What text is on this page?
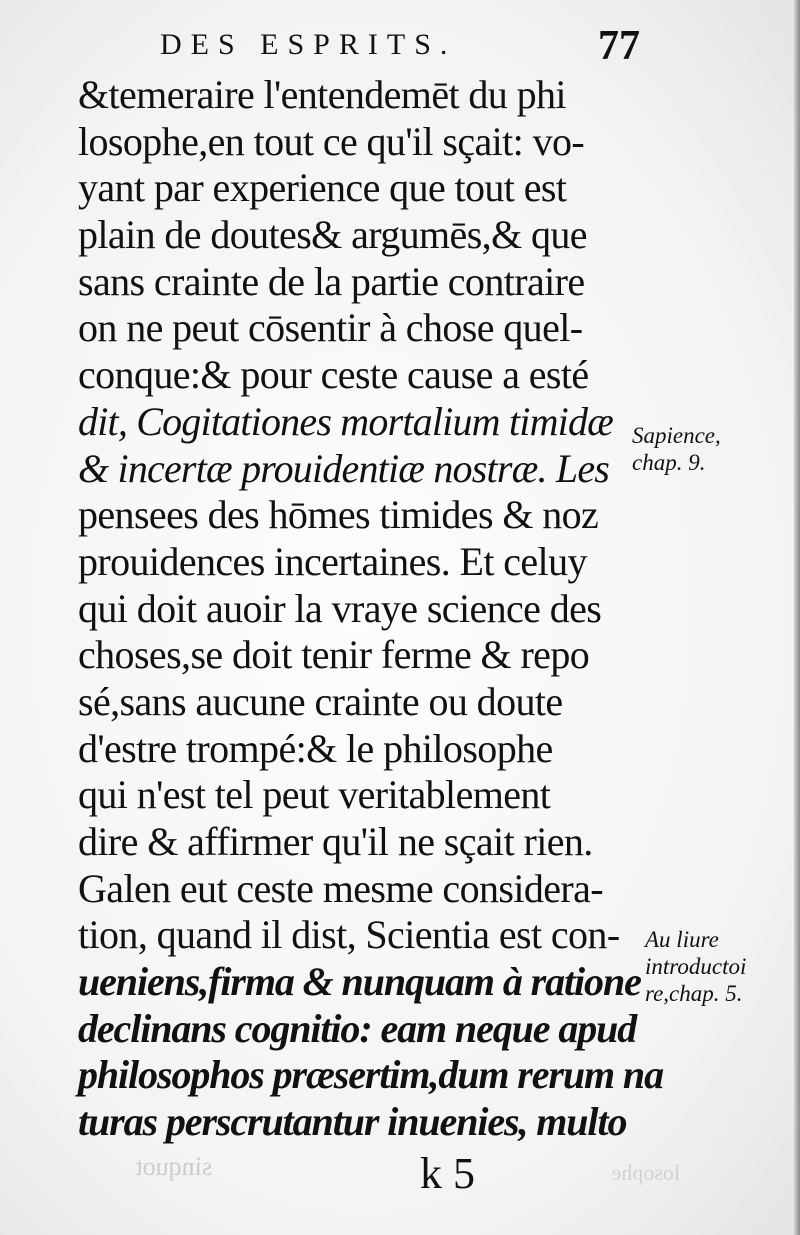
DES ESPRITS.	77
&temeraire l'entendemēt du phi
losophe,en tout ce qu'il sçait: vo-
yant par experience que tout est
plain de doutes& argumēs,& que
sans crainte de la partie contraire
on ne peut cōsentir à chose quel-
conque:& pour ceste cause a esté
dit, Cogitationes mortalium timidæ
& incertæ prouidentiæ nostræ. Les
pensees des hōmes timides & noz
prouidences incertaines. Et celuy
qui doit auoir la vraye science des
choses,se doit tenir ferme & repo
sé,sans aucune crainte ou doute
d'estre trompé:& le philosophe
qui n'est tel peut veritablement
dire & affirmer qu'il ne sçait rien.
Galen eut ceste mesme considera-
tion, quand il dist, Scientia est con-
ueniens,firma & nunquam à ratione
declinans cognitio: eam neque apud
philosophos præsertim,dum rerum na
turas perscrutantur inuenies, multo
Sapience,
chap. 9.
Au liure
introductoi
re,chap. 5.
sinquot	losophe
k 5
